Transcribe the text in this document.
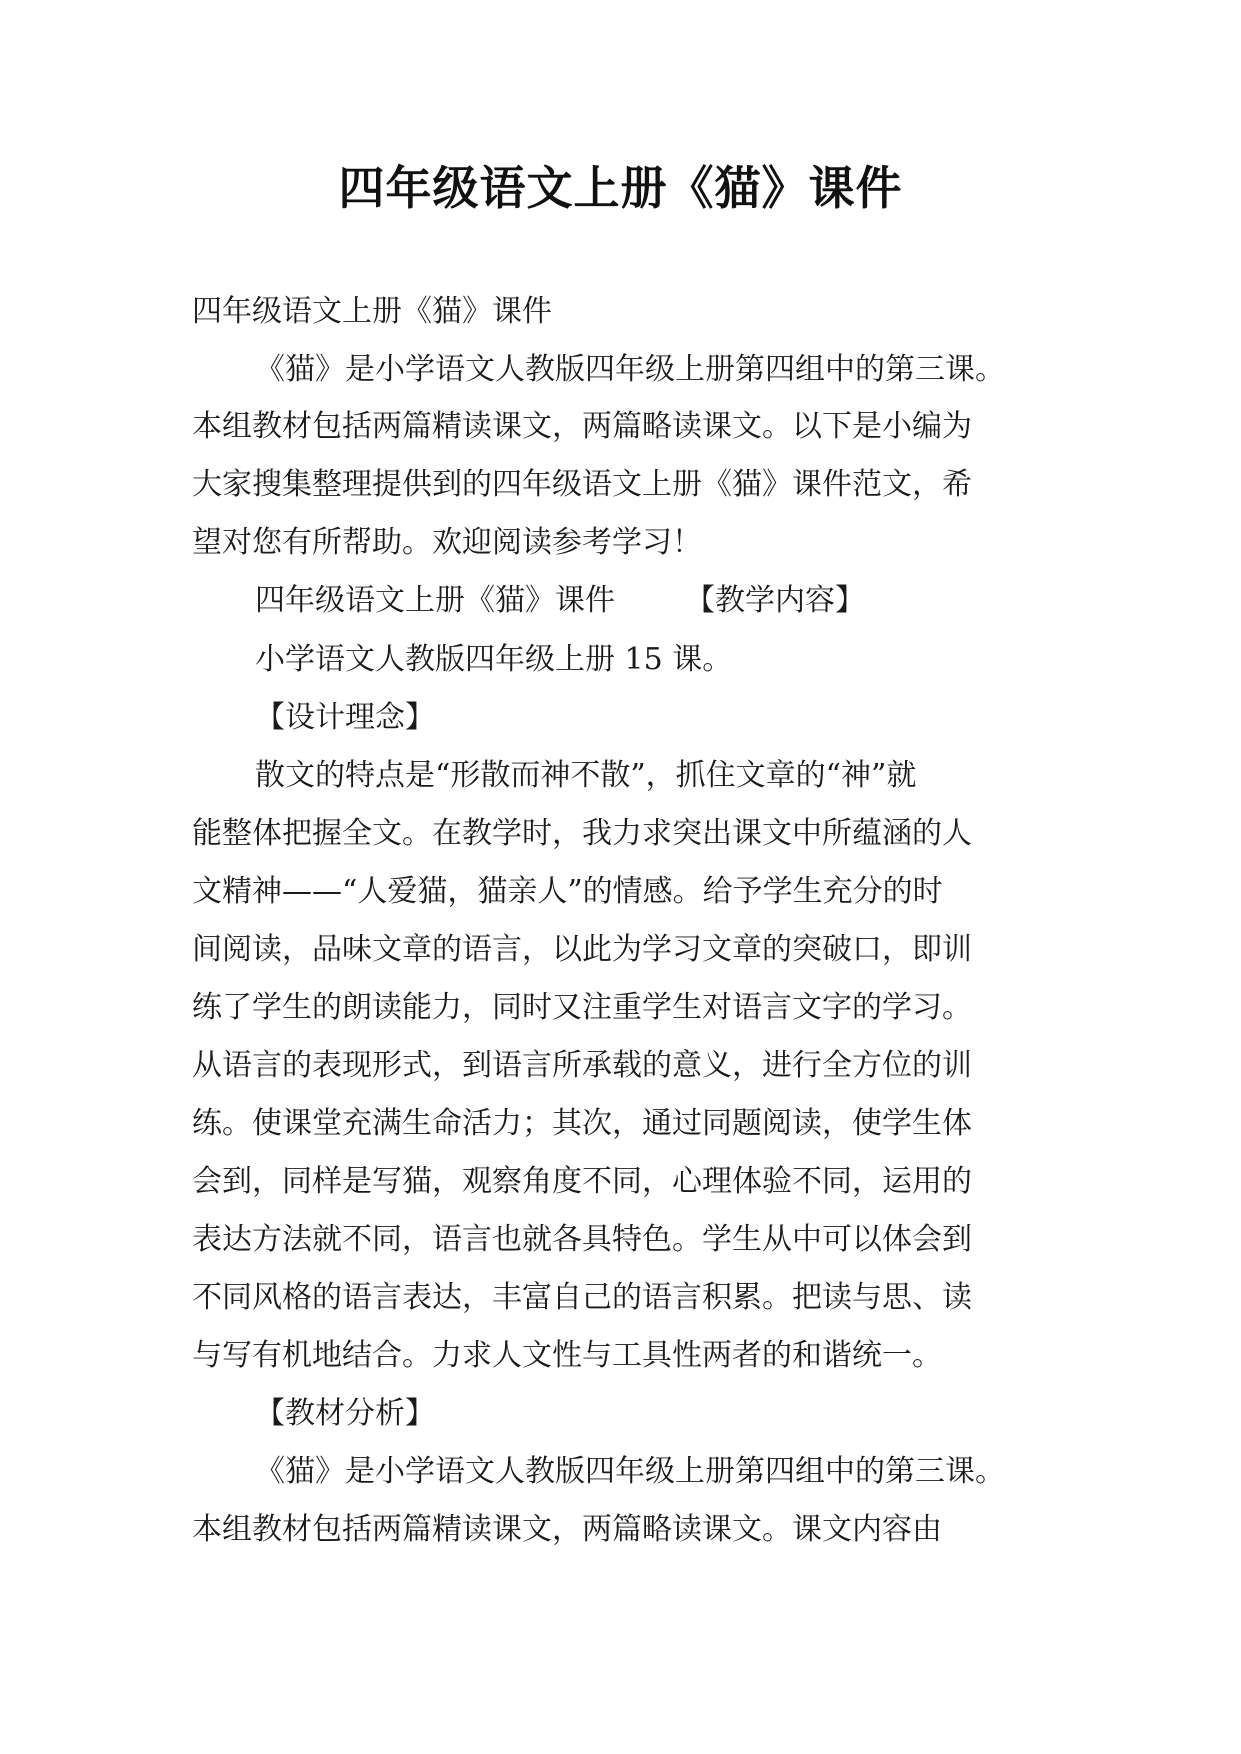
四年级语文上册《猫》课件
四年级语文上册《猫》课件
《猫》是小学语文人教版四年级上册第四组中的第三课。
本组教材包括两篇精读课文，两篇略读课文。以下是小编为
大家搜集整理提供到的四年级语文上册《猫》课件范文，希
望对您有所帮助。欢迎阅读参考学习！
四年级语文上册《猫》课件 【教学内容】
小学语文人教版四年级上册 15 课。
【设计理念】
散文的特点是“形散而神不散”，抓住文章的“神”就
能整体把握全文。在教学时，我力求突出课文中所蕴涵的人
文精神——“人爱猫，猫亲人”的情感。给予学生充分的时
间阅读，品味文章的语言，以此为学习文章的突破口，即训
练了学生的朗读能力，同时又注重学生对语言文字的学习。
从语言的表现形式，到语言所承载的意义，进行全方位的训
练。使课堂充满生命活力；其次，通过同题阅读，使学生体
会到，同样是写猫，观察角度不同，心理体验不同，运用的
表达方法就不同，语言也就各具特色。学生从中可以体会到
不同风格的语言表达，丰富自己的语言积累。把读与思、读
与写有机地结合。力求人文性与工具性两者的和谐统一。
【教材分析】
《猫》是小学语文人教版四年级上册第四组中的第三课。
本组教材包括两篇精读课文，两篇略读课文。课文内容由
